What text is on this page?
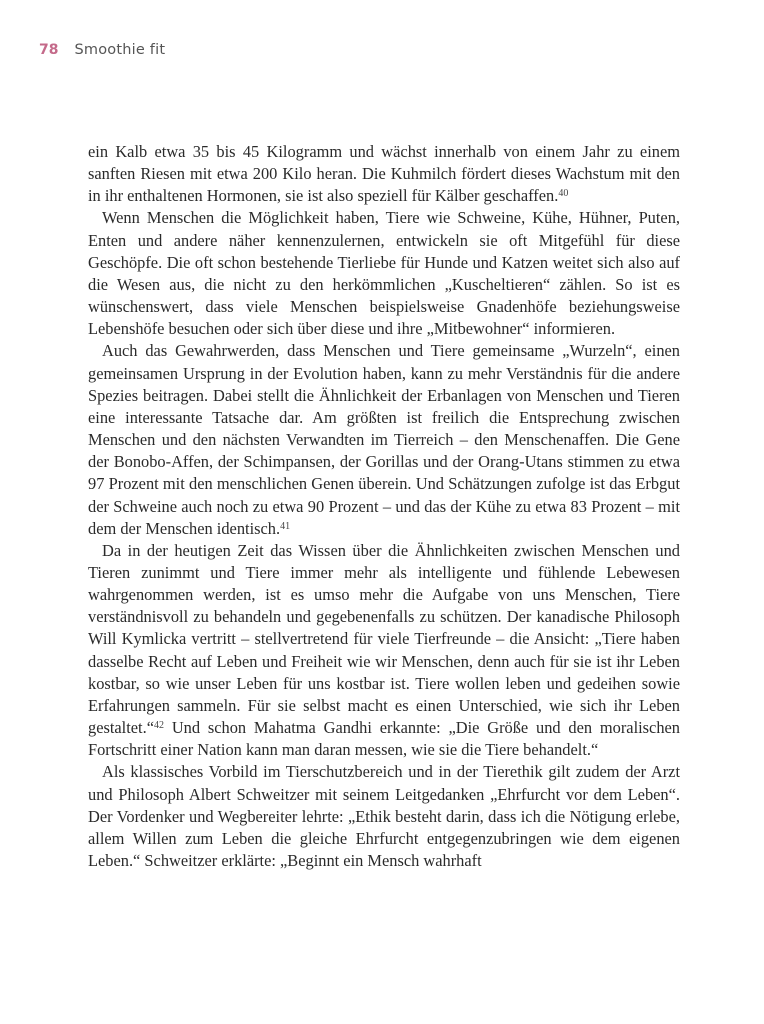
78 Smoothie fit

ein Kalb etwa 35 bis 45 Kilogramm und wächst innerhalb von einem Jahr zu einem sanften Riesen mit etwa 200 Kilo heran. Die Kuhmilch fördert dieses Wachstum mit den in ihr enthaltenen Hormonen, sie ist also speziell für Kälber geschaffen.$^{40}$

Wenn Menschen die Möglichkeit haben, Tiere wie Schweine, Kühe, Hühner, Puten, Enten und andere näher kennenzulernen, entwickeln sie oft Mitgefühl für diese Geschöpfe. Die oft schon bestehende Tierliebe für Hunde und Katzen weitet sich also auf die Wesen aus, die nicht zu den herkömmlichen „Kuscheltieren“ zählen. So ist es wünschenswert, dass viele Menschen beispielsweise Gnadenhöfe beziehungsweise Lebenshöfe besuchen oder sich über diese und ihre „Mitbewohner“ informieren.

Auch das Gewahrwerden, dass Menschen und Tiere gemeinsame „Wurzeln“, einen gemeinsamen Ursprung in der Evolution haben, kann zu mehr Verständnis für die andere Spezies beitragen. Dabei stellt die Ähnlichkeit der Erbanlagen von Menschen und Tieren eine interessante Tatsache dar. Am größten ist freilich die Entsprechung zwischen Menschen und den nächsten Verwandten im Tierreich – den Menschenaffen. Die Gene der Bonobo-Affen, der Schimpansen, der Gorillas und der Orang-Utans stimmen zu etwa 97 Prozent mit den menschlichen Genen überein. Und Schätzungen zufolge ist das Erbgut der Schweine auch noch zu etwa 90 Prozent – und das der Kühe zu etwa 83 Prozent – mit dem der Menschen identisch.$^{41}$

Da in der heutigen Zeit das Wissen über die Ähnlichkeiten zwischen Menschen und Tieren zunimmt und Tiere immer mehr als intelligente und fühlende Lebewesen wahrgenommen werden, ist es umso mehr die Aufgabe von uns Menschen, Tiere verständnisvoll zu behandeln und gegebenenfalls zu schützen. Der kanadische Philosoph Will Kymlicka vertritt – stellvertretend für viele Tierfreunde – die Ansicht: „Tiere haben dasselbe Recht auf Leben und Freiheit wie wir Menschen, denn auch für sie ist ihr Leben kostbar, so wie unser Leben für uns kostbar ist. Tiere wollen leben und gedeihen sowie Erfahrungen sammeln. Für sie selbst macht es einen Unterschied, wie sich ihr Leben gestaltet.“$^{42}$ Und schon Mahatma Gandhi erkannte: „Die Größe und den moralischen Fortschritt einer Nation kann man daran messen, wie sie die Tiere behandelt.“

Als klassisches Vorbild im Tierschutzbereich und in der Tierethik gilt zudem der Arzt und Philosoph Albert Schweitzer mit seinem Leitgedanken „Ehrfurcht vor dem Leben“. Der Vordenker und Wegbereiter lehrte: „Ethik besteht darin, dass ich die Nötigung erlebe, allem Willen zum Leben die gleiche Ehrfurcht entgegenzubringen wie dem eigenen Leben.“ Schweitzer erklärte: „Beginnt ein Mensch wahrhaft
